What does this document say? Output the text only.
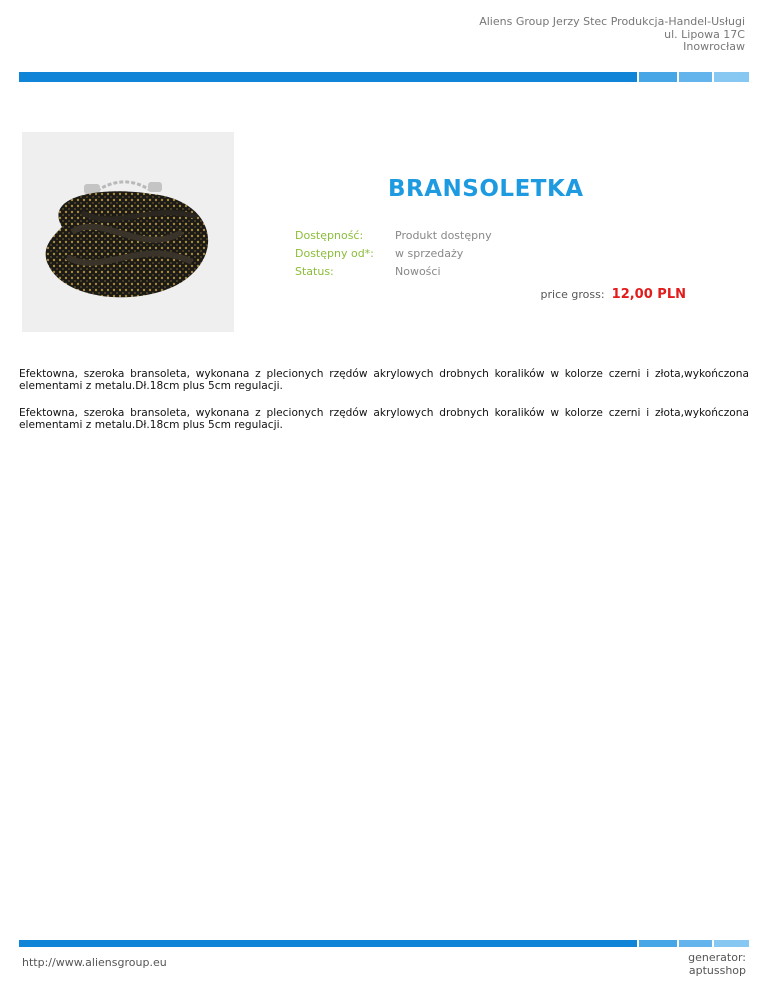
Aliens Group Jerzy Stec Produkcja-Handel-Usługi
ul. Lipowa 17C
Inowrocław
BRANSOLETKA
Dostępność:	Produkt dostępny
Dostępny od*:	w sprzedaży
Status:	Nowości
price gross: 12,00 PLN
Efektowna, szeroka bransoleta, wykonana z plecionych rzędów akrylowych drobnych koralików w kolorze czerni i złota,wykończona elementami z metalu.Dł.18cm plus 5cm regulacji.
Efektowna, szeroka bransoleta, wykonana z plecionych rzędów akrylowych drobnych koralików w kolorze czerni i złota,wykończona elementami z metalu.Dł.18cm plus 5cm regulacji.
http://www.aliensgroup.eu	generator:
aptusshop
